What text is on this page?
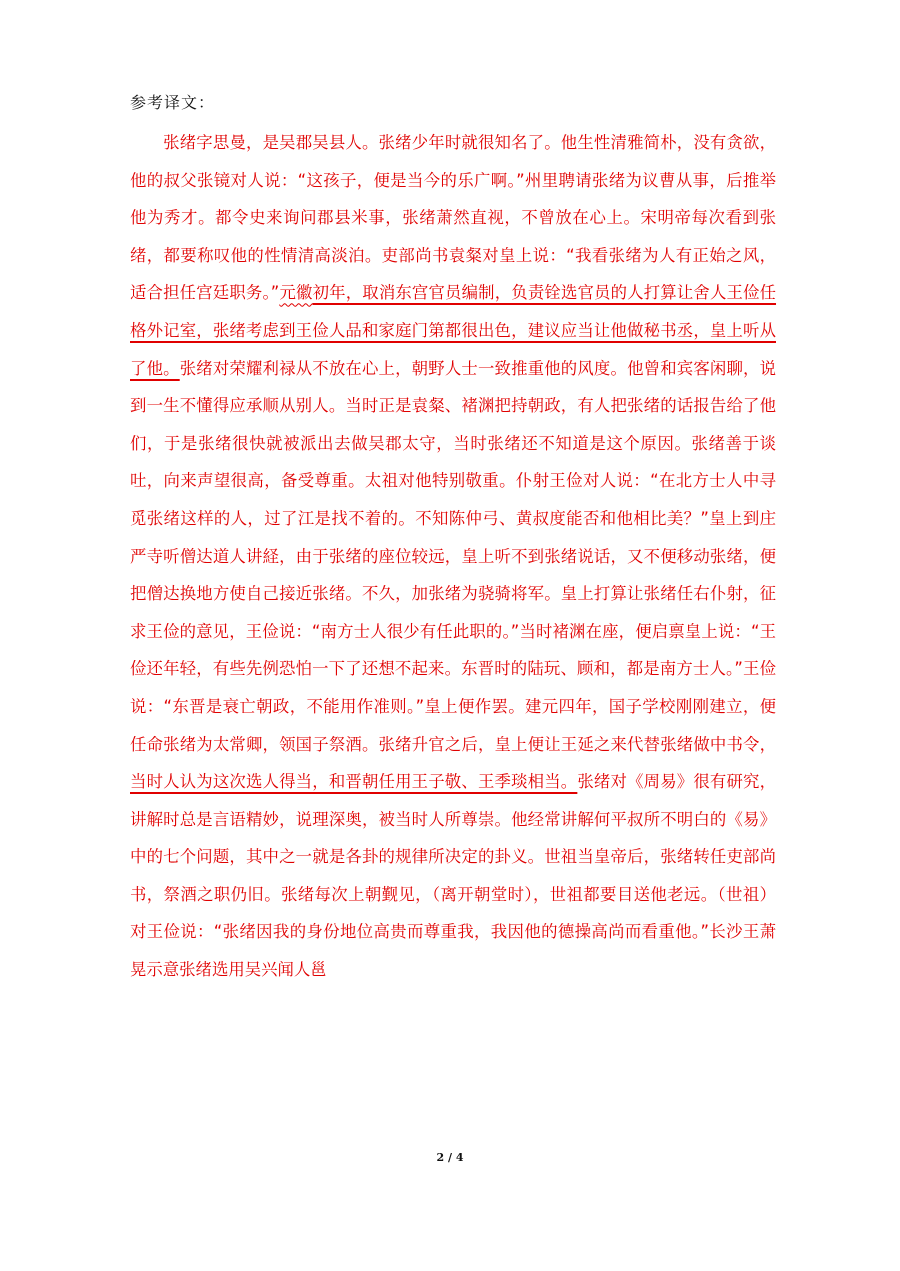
参考译文：

张绪字思曼，是吴郡吴县人。张绪少年时就很知名了。他生性清雅简朴，没有贪欲，他的叔父张镜对人说：“这孩子，便是当今的乐广啊。”州里聘请张绪为议曹从事，后推举他为秀才。都令史来询问郡县米事，张绪萧然直视，不曾放在心上。宋明帝每次看到张绪，都要称叹他的性情清高淡泊。吏部尚书袁粲对皇上说：“我看张绪为人有正始之风，适合担任宫廷职务。”元徽初年，取消东宫官员编制，负责铨选官员的人打算让舍人王俭任格外记室，张绪考虑到王俭人品和家庭门第都很出色，建议应当让他做秘书丞，皇上听从了他。张绪对荣耀利禄从不放在心上，朝野人士一致推重他的风度。他曾和宾客闲聊，说到一生不懂得应承顺从别人。当时正是袁粲、褚渊把持朝政，有人把张绪的话报告给了他们，于是张绪很快就被派出去做吴郡太守，当时张绪还不知道是这个原因。张绪善于谈吐，向来声望很高，备受尊重。太祖对他特别敬重。仆射王俭对人说：“在北方士人中寻觅张绪这样的人，过了江是找不着的。不知陈仲弓、黄叔度能否和他相比美？”皇上到庄严寺听僧达道人讲経，由于张绪的座位较远，皇上听不到张绪说话，又不便移动张绪，便把僧达换地方使自己接近张绪。不久，加张绪为骁骑将军。皇上打算让张绪任右仆射，征求王俭的意见，王俭说：“南方士人很少有任此职的。”当时褚渊在座，便启禀皇上说：“王俭还年轻，有些先例恐怕一下了还想不起来。东晋时的陆玩、顾和，都是南方士人。”王俭说：“东晋是衰亡朝政，不能用作准则。”皇上便作罢。建元四年，国子学校刚刚建立，便任命张绪为太常卿，领国子祭酒。张绪升官之后，皇上便让王延之来代替张绪做中书令，当时人认为这次选人得当，和晋朝任用王子敬、王季琰相当。张绪对《周易》很有研究，讲解时总是言语精妙，说理深奥，被当时人所尊崇。他经常讲解何平叔所不明白的《易》中的七个问题，其中之一就是各卦的规律所决定的卦义。世祖当皇帝后，张绪转任吏部尚书，祭酒之职仍旧。张绪每次上朝觐见，（离开朝堂时），世祖都要目送他老远。（世祖）对王俭说：“张绪因我的身份地位高贵而尊重我，我因他的德操高尚而看重他。”长沙王萧晃示意张绪选用吴兴闻人邕

2 / 4
